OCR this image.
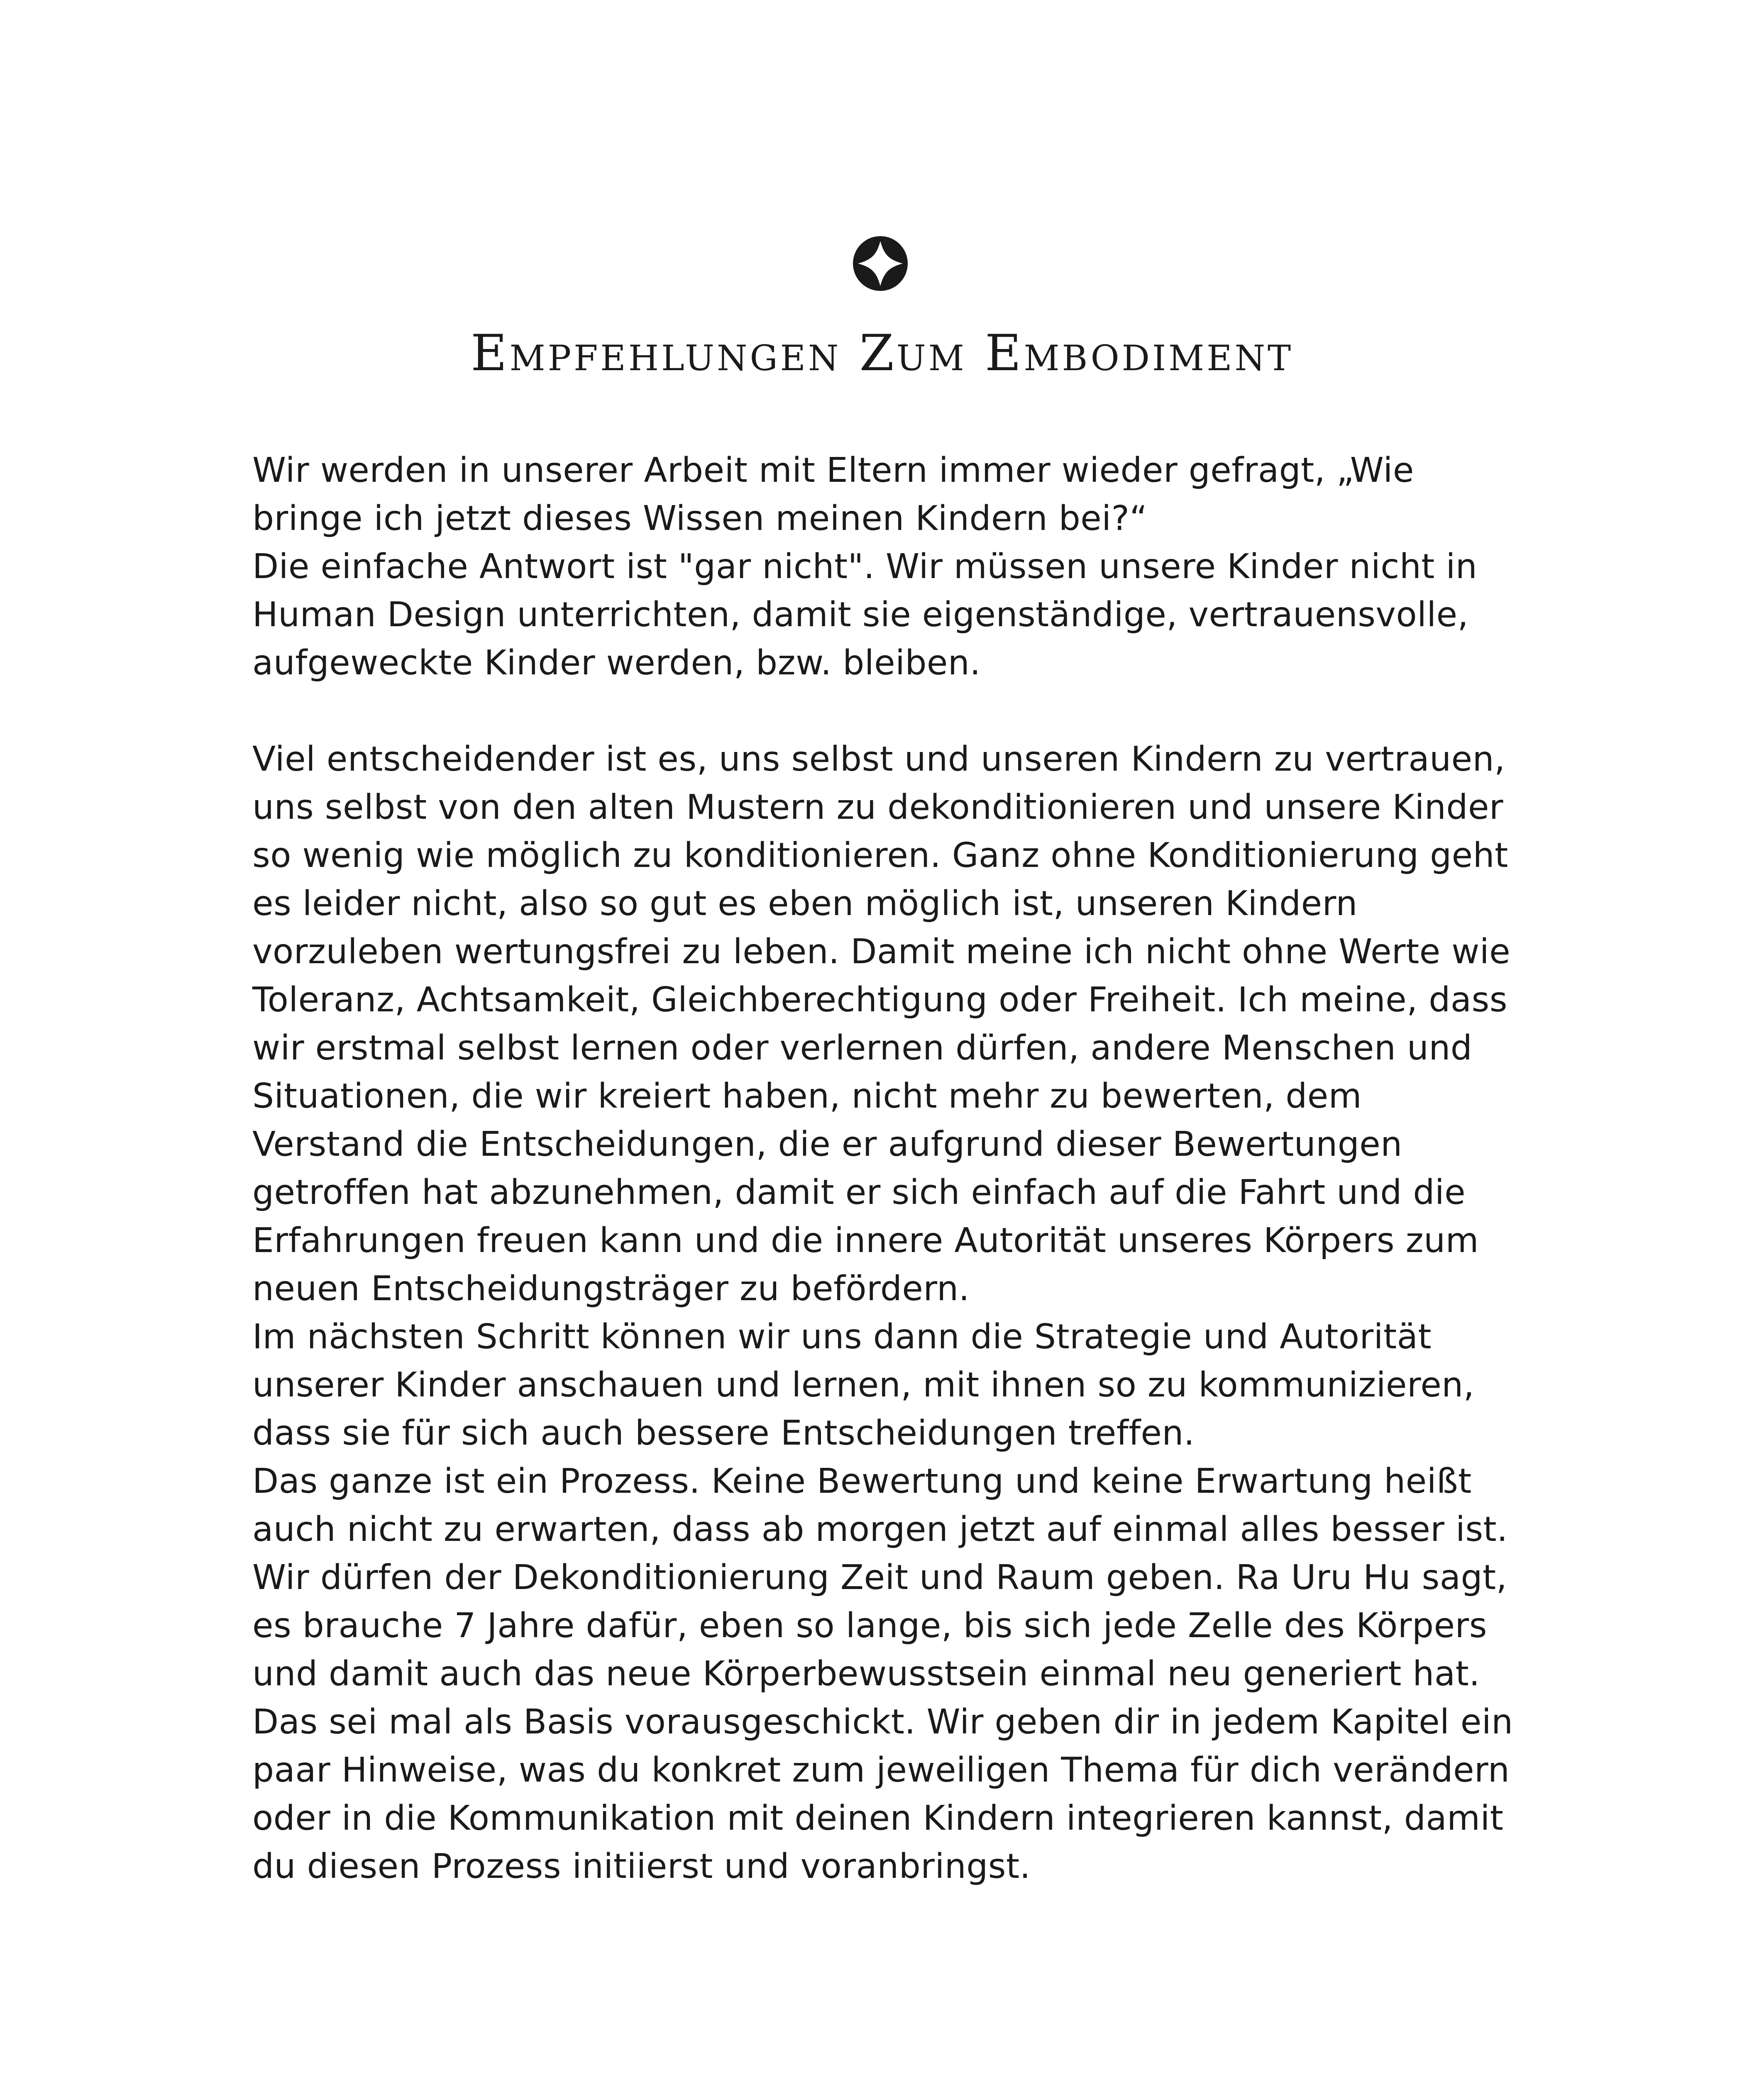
Empfehlungen Zum Embodiment

Wir werden in unserer Arbeit mit Eltern immer wieder gefragt, „Wie bringe ich jetzt dieses Wissen meinen Kindern bei?“

Die einfache Antwort ist "gar nicht". Wir müssen unsere Kinder nicht in Human Design unterrichten, damit sie eigenständige, vertrauensvolle, aufgeweckte Kinder werden, bzw. bleiben.

Viel entscheidender ist es, uns selbst und unseren Kindern zu vertrauen, uns selbst von den alten Mustern zu dekonditionieren und unsere Kinder so wenig wie möglich zu konditionieren. Ganz ohne Konditionierung geht es leider nicht, also so gut es eben möglich ist, unseren Kindern vorzuleben wertungsfrei zu leben. Damit meine ich nicht ohne Werte wie Toleranz, Achtsamkeit, Gleichberechtigung oder Freiheit. Ich meine, dass wir erstmal selbst lernen oder verlernen dürfen, andere Menschen und Situationen, die wir kreiert haben, nicht mehr zu bewerten, dem Verstand die Entscheidungen, die er aufgrund dieser Bewertungen getroffen hat abzunehmen, damit er sich einfach auf die Fahrt und die Erfahrungen freuen kann und die innere Autorität unseres Körpers zum neuen Entscheidungsträger zu befördern.

Im nächsten Schritt können wir uns dann die Strategie und Autorität unserer Kinder anschauen und lernen, mit ihnen so zu kommunizieren, dass sie für sich auch bessere Entscheidungen treffen.

Das ganze ist ein Prozess. Keine Bewertung und keine Erwartung heißt auch nicht zu erwarten, dass ab morgen jetzt auf einmal alles besser ist. Wir dürfen der Dekonditionierung Zeit und Raum geben. Ra Uru Hu sagt, es brauche 7 Jahre dafür, eben so lange, bis sich jede Zelle des Körpers und damit auch das neue Körperbewusstsein einmal neu generiert hat.

Das sei mal als Basis vorausgeschickt. Wir geben dir in jedem Kapitel ein paar Hinweise, was du konkret zum jeweiligen Thema für dich verändern oder in die Kommunikation mit deinen Kindern integrieren kannst, damit du diesen Prozess initiierst und voranbringst.
